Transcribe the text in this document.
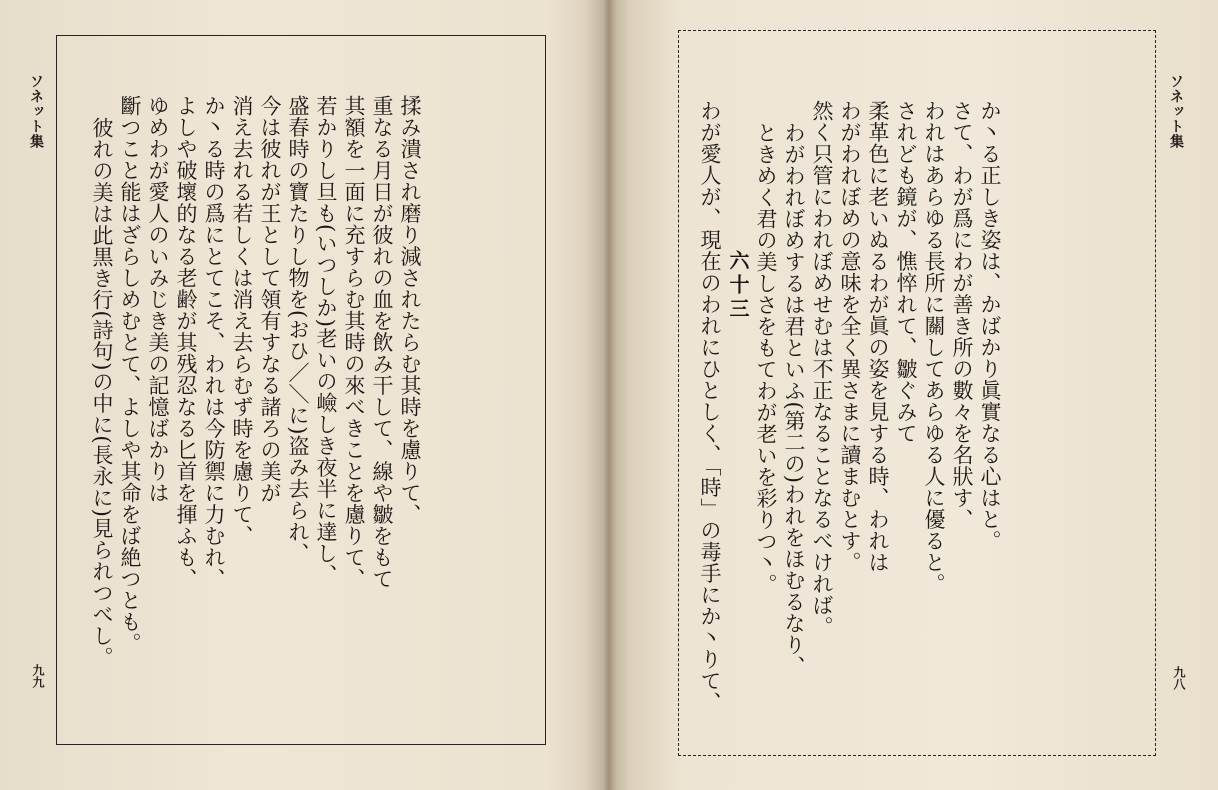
ソネット集
九九
揉み潰され磨り減されたらむ其時を慮りて、
重なる月日が彼れの血を飲み干して、線や皺をもて
其額を一面に充すらむ其時の來べきことを慮りて、
若かりし旦も(いつしか)老いの嶮しき夜半に達し、
盛春時の寶たりし物を(おひ／＼に)盗み去られ、
今は彼れが王として領有すなる諸ろの美が
消え去れる若しくは消え去らむず時を慮りて、
か丶る時の爲にとてこそ、われは今防禦に力むれ、
よしや破壞的なる老齢が其残忍なる匕首を揮ふも、
ゆめわが愛人のいみじき美の記憶ばかりは
斷つこと能はざらしめむとて、よしや其命をば絶つとも。
彼れの美は此黒き行(詩句)の中に(長永に)見られつべし。
ソネット集
九八
か丶る正しき姿は、かばかり眞實なる心はと。
さて、わが爲にわが善き所の數々を名狀す、
われはあらゆる長所に關してあらゆる人に優ると。
されども鏡が、憔悴れて、皺ぐみて
柔革色に老いぬるわが眞の姿を見する時、われは
わがわれぼめの意味を全く異さまに讀まむとす。
然く只管にわれぼめせむは不正なることなるべければ。
わがわれぼめするは君といふ(第二の)われをほむるなり、
ときめく君の美しさをもてわが老いを彩りつ丶。
六十三
わが愛人が、現在のわれにひとしく、「時」の毒手にか丶りて、
